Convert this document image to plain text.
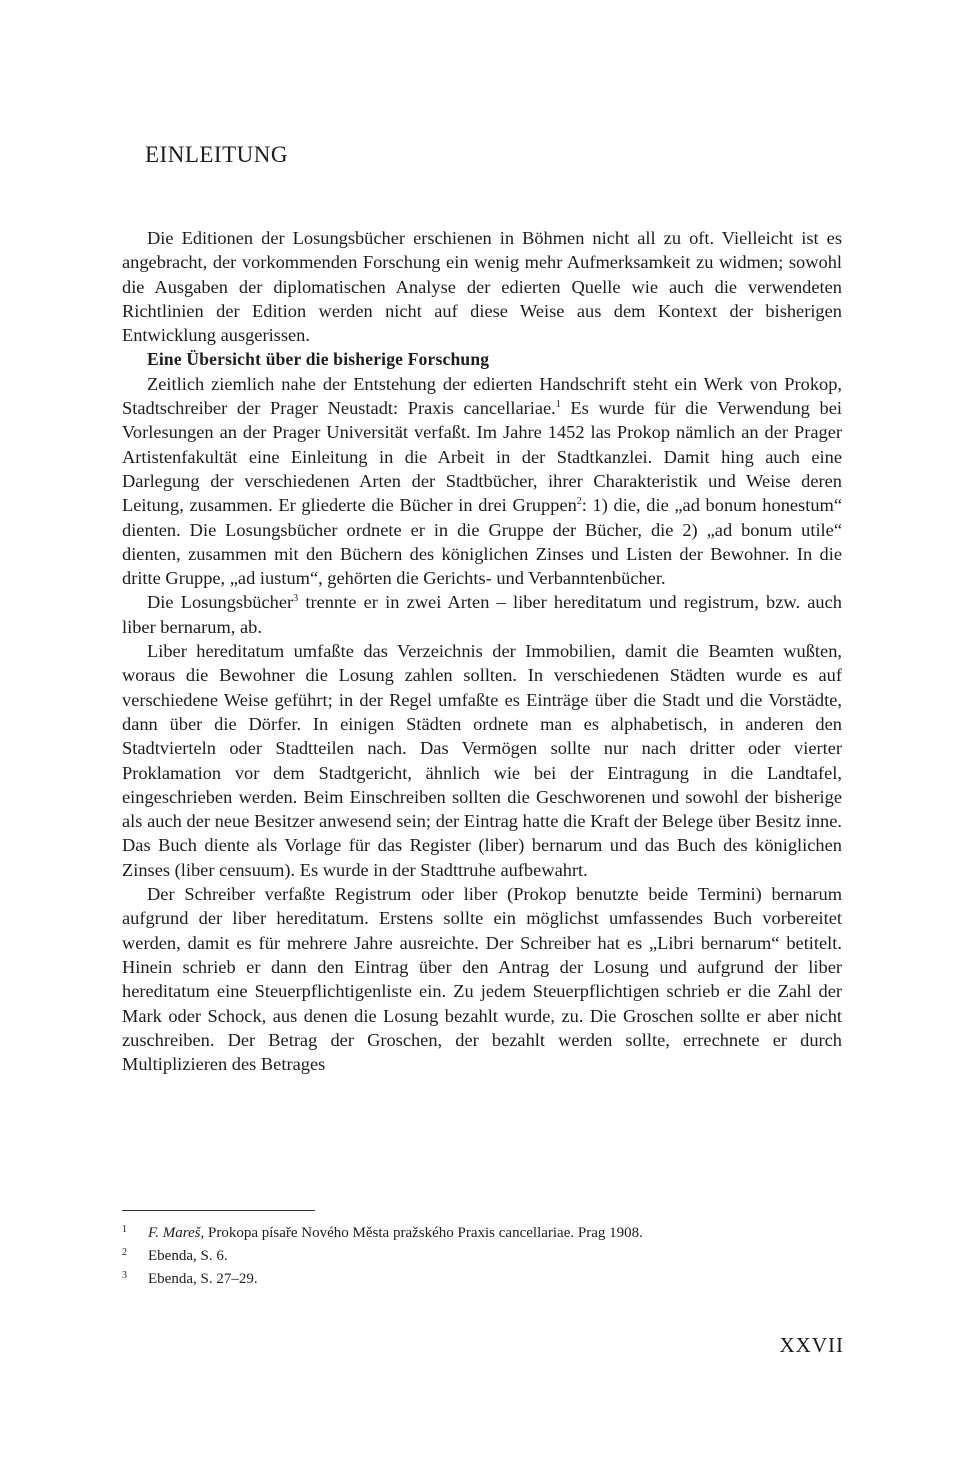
EINLEITUNG

Die Editionen der Losungsbücher erschienen in Böhmen nicht all zu oft. Vielleicht ist es angebracht, der vorkommenden Forschung ein wenig mehr Aufmerksamkeit zu widmen; sowohl die Ausgaben der diplomatischen Analyse der edierten Quelle wie auch die verwendeten Richtlinien der Edition werden nicht auf diese Weise aus dem Kontext der bisherigen Entwicklung ausgerissen.

Eine Übersicht über die bisherige Forschung

Zeitlich ziemlich nahe der Entstehung der edierten Handschrift steht ein Werk von Prokop, Stadtschreiber der Prager Neustadt: Praxis cancellariae.$^1$ Es wurde für die Verwendung bei Vorlesungen an der Prager Universität verfaßt. Im Jahre 1452 las Prokop nämlich an der Prager Artistenfakultät eine Einleitung in die Arbeit in der Stadtkanzlei. Damit hing auch eine Darlegung der verschiedenen Arten der Stadtbücher, ihrer Charakteristik und Weise deren Leitung, zusammen. Er gliederte die Bücher in drei Gruppen$^2$: 1) die, die „ad bonum honestum“ dienten. Die Losungsbücher ordnete er in die Gruppe der Bücher, die 2) „ad bonum utile“ dienten, zusammen mit den Büchern des königlichen Zinses und Listen der Bewohner. In die dritte Gruppe, „ad iustum“, gehörten die Gerichts- und Verbanntenbücher.

Die Losungsbücher$^3$ trennte er in zwei Arten – liber hereditatum und registrum, bzw. auch liber bernarum, ab.

Liber hereditatum umfaßte das Verzeichnis der Immobilien, damit die Beamten wußten, woraus die Bewohner die Losung zahlen sollten. In verschiedenen Städten wurde es auf verschiedene Weise geführt; in der Regel umfaßte es Einträge über die Stadt und die Vorstädte, dann über die Dörfer. In einigen Städten ordnete man es alphabetisch, in anderen den Stadtvierteln oder Stadtteilen nach. Das Vermögen sollte nur nach dritter oder vierter Proklamation vor dem Stadtgericht, ähnlich wie bei der Eintragung in die Landtafel, eingeschrieben werden. Beim Einschreiben sollten die Geschworenen und sowohl der bisherige als auch der neue Besitzer anwesend sein; der Eintrag hatte die Kraft der Belege über Besitz inne. Das Buch diente als Vorlage für das Register (liber) bernarum und das Buch des königlichen Zinses (liber censuum). Es wurde in der Stadttruhe aufbewahrt.

Der Schreiber verfaßte Registrum oder liber (Prokop benutzte beide Termini) bernarum aufgrund der liber hereditatum. Erstens sollte ein möglichst umfassendes Buch vorbereitet werden, damit es für mehrere Jahre ausreichte. Der Schreiber hat es „Libri bernarum“ betitelt. Hinein schrieb er dann den Eintrag über den Antrag der Losung und aufgrund der liber hereditatum eine Steuerpflichtigenliste ein. Zu jedem Steuerpflichtigen schrieb er die Zahl der Mark oder Schock, aus denen die Losung bezahlt wurde, zu. Die Groschen sollte er aber nicht zuschreiben. Der Betrag der Groschen, der bezahlt werden sollte, errechnete er durch Multiplizieren des Betrages

1	F. Mareš, Prokopa písaře Nového Města pražského Praxis cancellariae. Prag 1908.
2	Ebenda, S. 6.
3	Ebenda, S. 27–29.
XXVII
